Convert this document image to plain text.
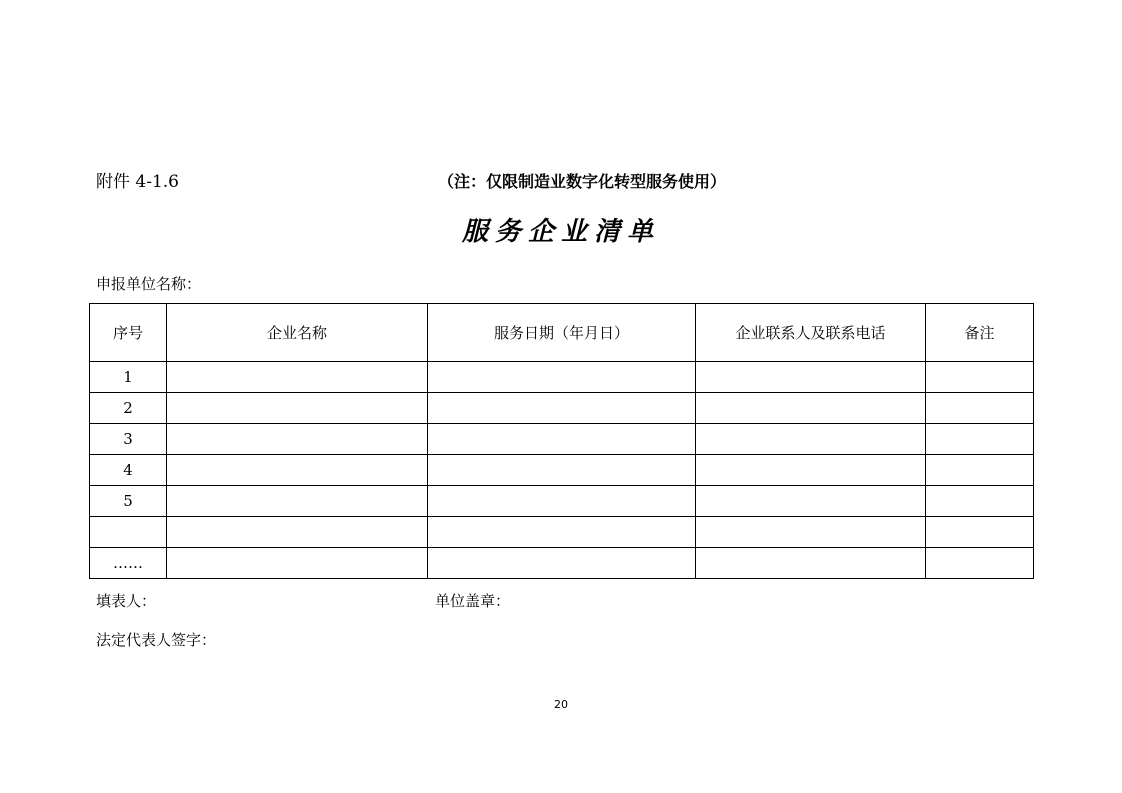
附件 4-1.6	（注：仅限制造业数字化转型服务使用）
服务企业清单
申报单位名称：
序号	企业名称	服务日期（年月日）	企业联系人及联系电话	备注
1				
2				
3				
4				
5				

……				
填表人：	单位盖章：
法定代表人签字：
20
